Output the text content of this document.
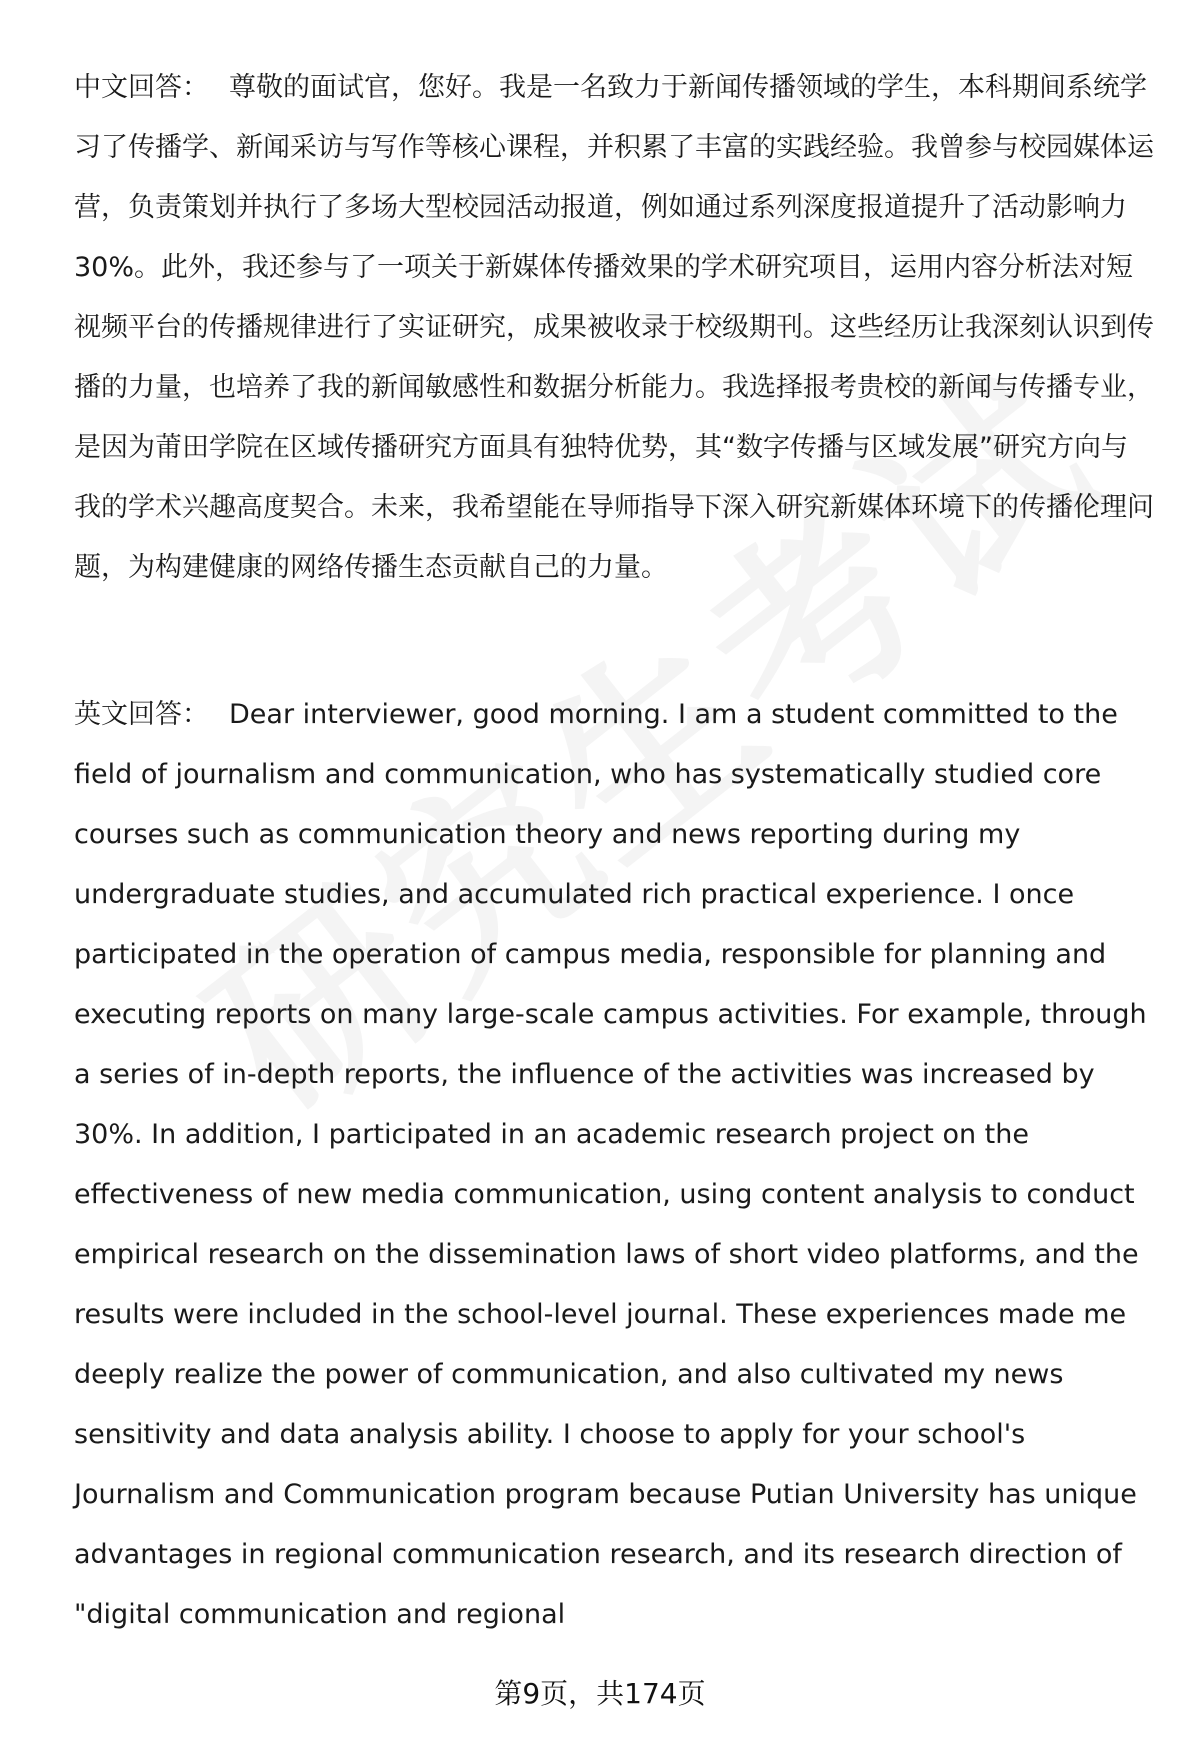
中文回答： 尊敬的面试官，您好。我是一名致力于新闻传播领域的学生，本科期间系统学习了传播学、新闻采访与写作等核心课程，并积累了丰富的实践经验。我曾参与校园媒体运营，负责策划并执行了多场大型校园活动报道，例如通过系列深度报道提升了活动影响力30%。此外，我还参与了一项关于新媒体传播效果的学术研究项目，运用内容分析法对短视频平台的传播规律进行了实证研究，成果被收录于校级期刊。这些经历让我深刻认识到传播的力量，也培养了我的新闻敏感性和数据分析能力。我选择报考贵校的新闻与传播专业，是因为莆田学院在区域传播研究方面具有独特优势，其“数字传播与区域发展”研究方向与我的学术兴趣高度契合。未来，我希望能在导师指导下深入研究新媒体环境下的传播伦理问题，为构建健康的网络传播生态贡献自己的力量。

英文回答： Dear interviewer, good morning. I am a student committed to the field of journalism and communication, who has systematically studied core courses such as communication theory and news reporting during my undergraduate studies, and accumulated rich practical experience. I once participated in the operation of campus media, responsible for planning and executing reports on many large-scale campus activities. For example, through a series of in-depth reports, the influence of the activities was increased by 30%. In addition, I participated in an academic research project on the effectiveness of new media communication, using content analysis to conduct empirical research on the dissemination laws of short video platforms, and the results were included in the school-level journal. These experiences made me deeply realize the power of communication, and also cultivated my news sensitivity and data analysis ability. I choose to apply for your school's Journalism and Communication program because Putian University has unique advantages in regional communication research, and its research direction of "digital communication and regional

第9页，共174页
